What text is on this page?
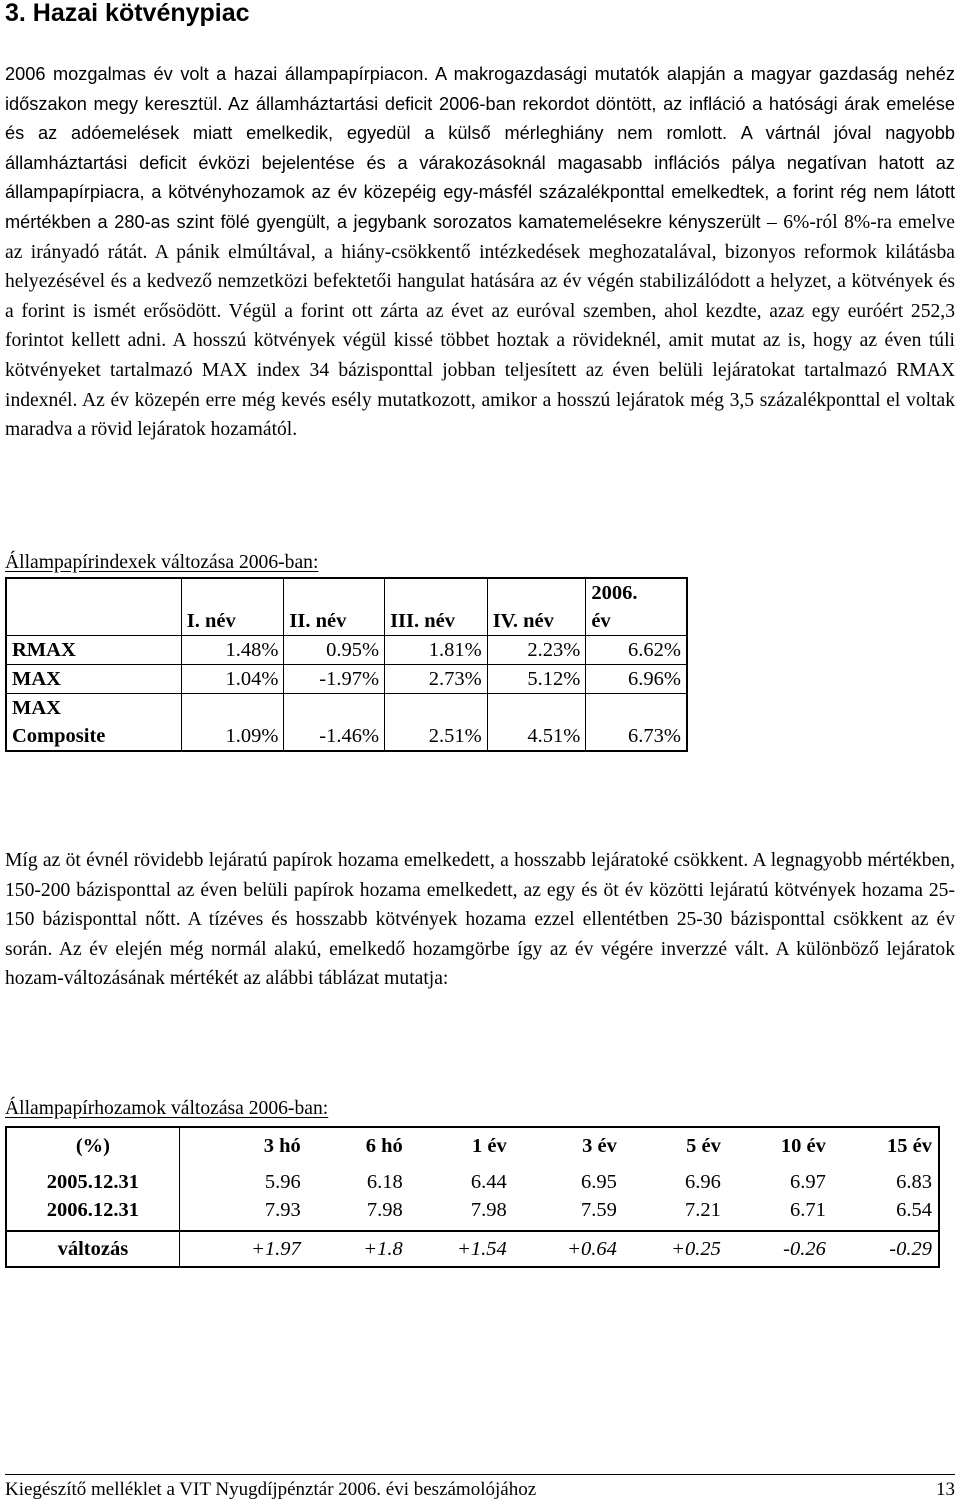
3. Hazai kötvénypiac

2006 mozgalmas év volt a hazai állampapírpiacon. A makrogazdasági mutatók alapján a magyar gazdaság nehéz időszakon megy keresztül. Az államháztartási deficit 2006-ban rekordot döntött, az infláció a hatósági árak emelése és az adóemelések miatt emelkedik, egyedül a külső mérleghiány nem romlott. A vártnál jóval nagyobb államháztartási deficit évközi bejelentése és a várakozásoknál magasabb inflációs pálya negatívan hatott az állampapírpiacra, a kötvényhozamok az év közepéig egy-másfél százalékponttal emelkedtek, a forint rég nem látott mértékben a 280-as szint fölé gyengült, a jegybank sorozatos kamatemelésekre kényszerült – 6%-ról 8%-ra emelve az irányadó rátát. A pánik elmúltával, a hiány-csökkentő intézkedések meghozatalával, bizonyos reformok kilátásba helyezésével és a kedvező nemzetközi befektetői hangulat hatására az év végén stabilizálódott a helyzet, a kötvények és a forint is ismét erősödött. Végül a forint ott zárta az évet az euróval szemben, ahol kezdte, azaz egy euróért 252,3 forintot kellett adni. A hosszú kötvények végül kissé többet hoztak a rövideknél, amit mutat az is, hogy az éven túli kötvényeket tartalmazó MAX index 34 bázisponttal jobban teljesített az éven belüli lejáratokat tartalmazó RMAX indexnél. Az év közepén erre még kevés esély mutatkozott, amikor a hosszú lejáratok még 3,5 százalékponttal el voltak maradva a rövid lejáratok hozamától.

Állampapírindexek változása 2006-ban:

	I. név	II. név	III. név	IV. név	2006. év
RMAX	1.48%	0.95%	1.81%	2.23%	6.62%
MAX	1.04%	-1.97%	2.73%	5.12%	6.96%
MAX Composite	1.09%	-1.46%	2.51%	4.51%	6.73%

Míg az öt évnél rövidebb lejáratú papírok hozama emelkedett, a hosszabb lejáratoké csökkent. A legnagyobb mértékben, 150-200 bázisponttal az éven belüli papírok hozama emelkedett, az egy és öt év közötti lejáratú kötvények hozama 25-150 bázisponttal nőtt. A tízéves és hosszabb kötvények hozama ezzel ellentétben 25-30 bázisponttal csökkent az év során. Az év elején még normál alakú, emelkedő hozamgörbe így az év végére inverzzé vált. A különböző lejáratok hozam-változásának mértékét az alábbi táblázat mutatja:

Állampapírhozamok változása 2006-ban:

(%)	3 hó	6 hó	1 év	3 év	5 év	10 év	15 év
2005.12.31	5.96	6.18	6.44	6.95	6.96	6.97	6.83
2006.12.31	7.93	7.98	7.98	7.59	7.21	6.71	6.54
változás	+1.97	+1.8	+1.54	+0.64	+0.25	-0.26	-0.29
Kiegészítő melléklet a VIT Nyugdíjpénztár 2006. évi beszámolójához	13
